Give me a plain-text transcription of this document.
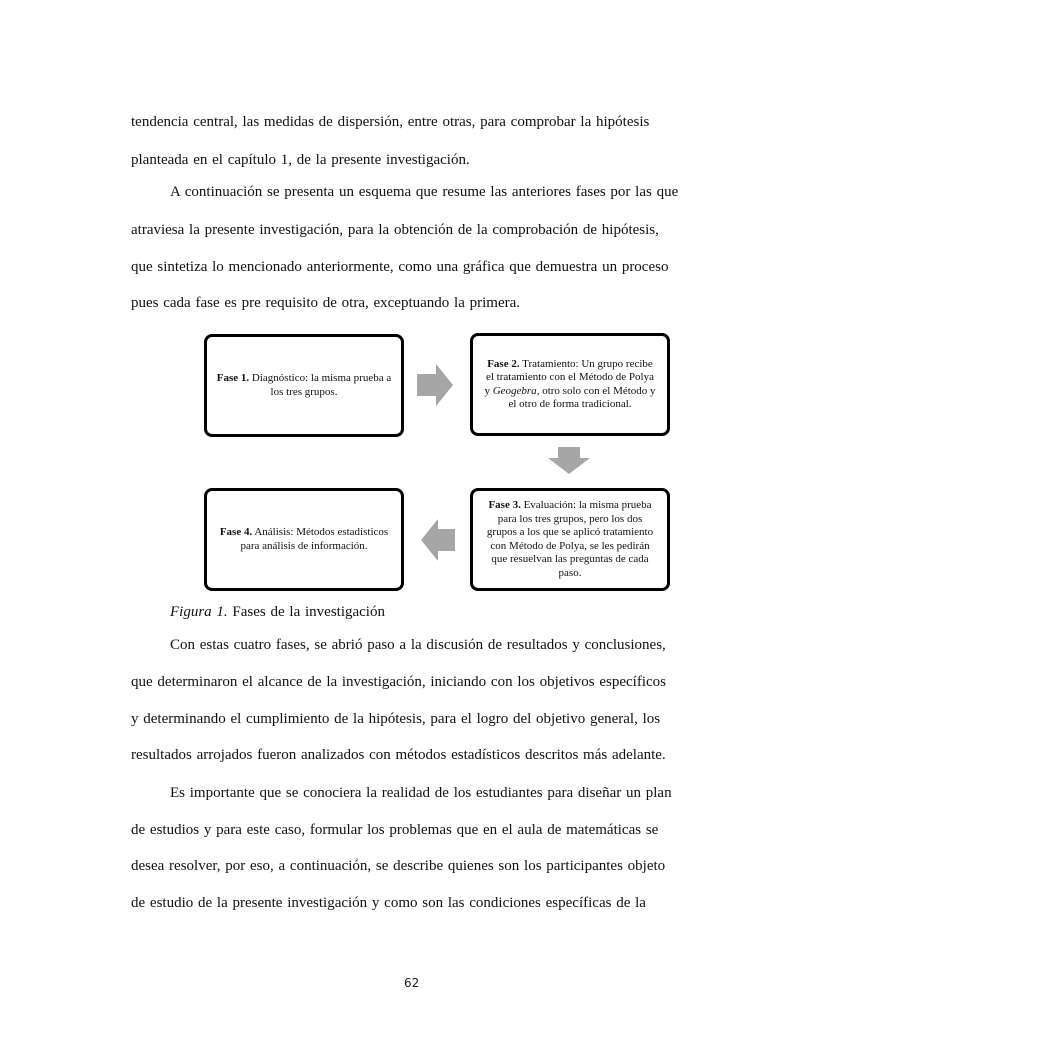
tendencia central, las medidas de dispersión, entre otras, para comprobar la hipótesis
planteada en el capítulo 1, de la presente investigación.
A continuación se presenta un esquema que resume las anteriores fases por las que
atraviesa la presente investigación, para la obtención de la comprobación de hipótesis,
que sintetiza lo mencionado anteriormente, como una gráfica que demuestra un proceso
pues cada fase es pre requisito de otra, exceptuando la primera.
Fase 1. Diagnóstico: la misma prueba a los tres grupos.
Fase 2. Tratamiento: Un grupo recibe el tratamiento con el Método de Polya y Geogebra, otro solo con el Método y el otro de forma tradicional.
Fase 3. Evaluación: la misma prueba para los tres grupos, pero los dos grupos a los que se aplicó tratamiento con Método de Polya, se les pedirán que resuelvan las preguntas de cada paso.
Fase 4. Análisis: Métodos estadísticos para análisis de información.
Figura 1. Fases de la investigación
Con estas cuatro fases, se abrió paso a la discusión de resultados y conclusiones,
que determinaron el alcance de la investigación, iniciando con los objetivos específicos
y determinando el cumplimiento de la hipótesis, para el logro del objetivo general, los
resultados arrojados fueron analizados con métodos estadísticos descritos más adelante.
Es importante que se conociera la realidad de los estudiantes para diseñar un plan
de estudios y para este caso, formular los problemas que en el aula de matemáticas se
desea resolver, por eso, a continuación, se describe quienes son los participantes objeto
de estudio de la presente investigación y como son las condiciones específicas de la
62
